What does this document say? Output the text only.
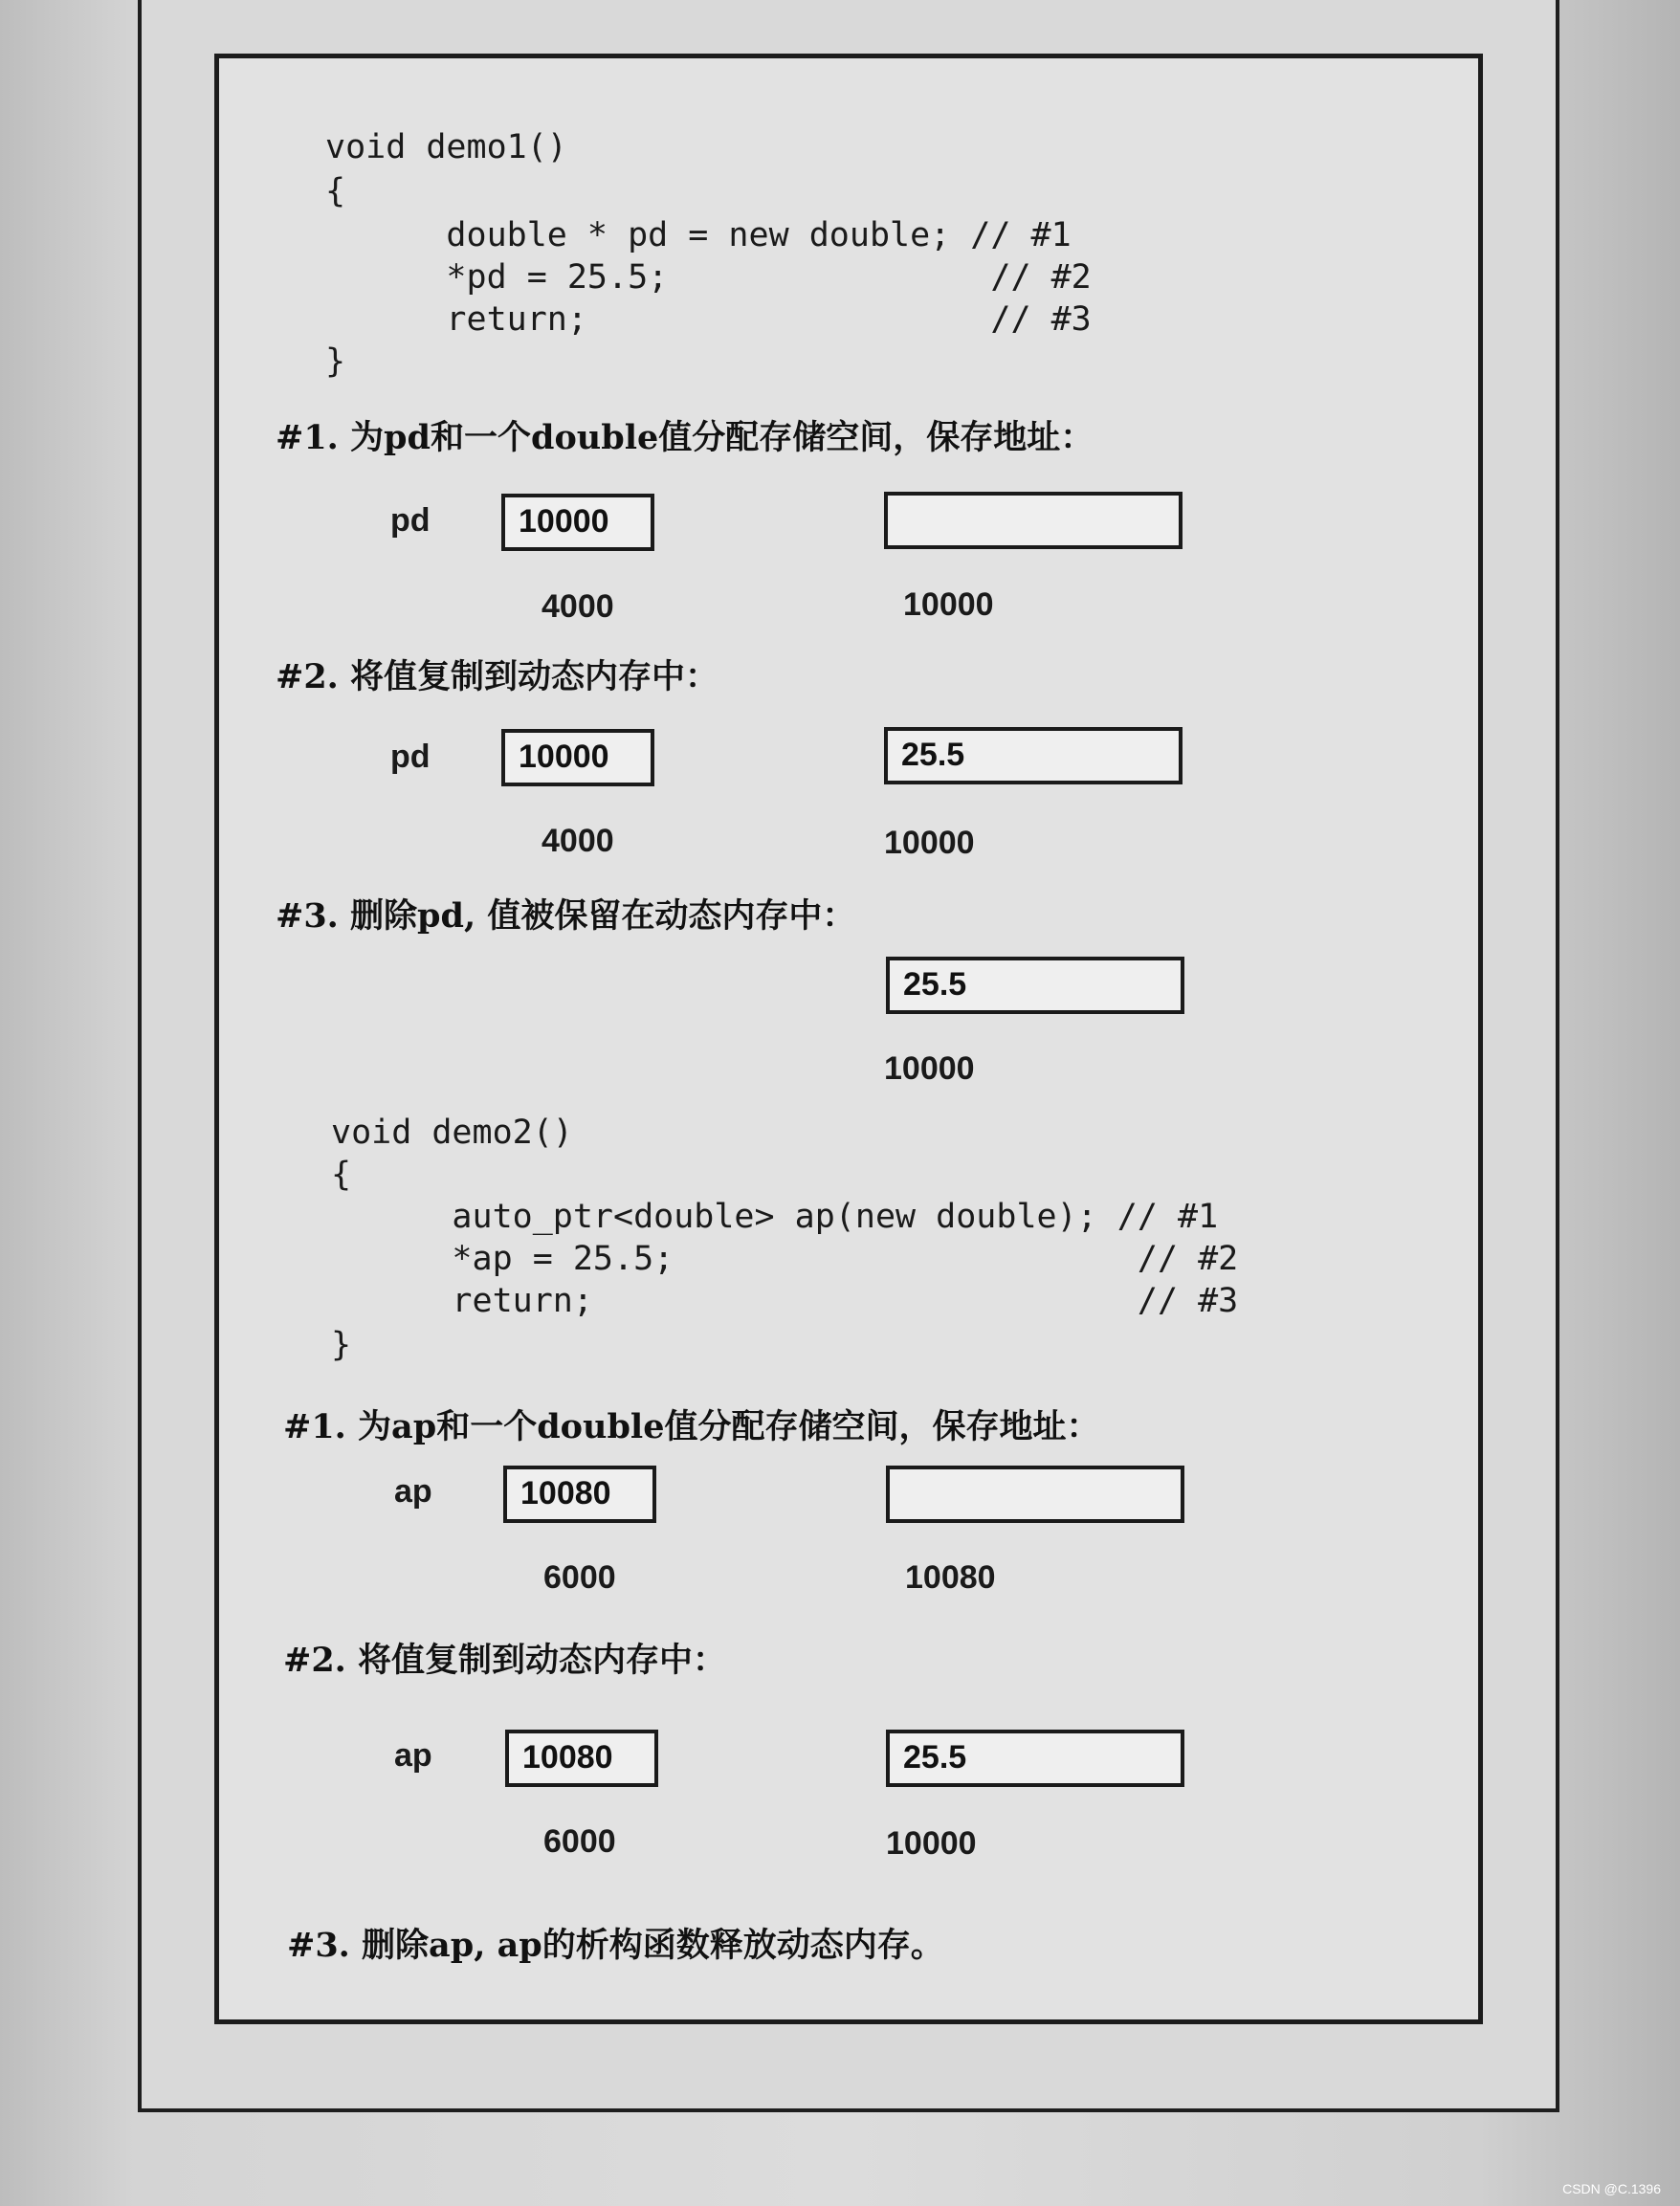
void demo1()
{
double * pd = new double; // #1
*pd = 25.5;                // #2
return;                    // #3
}
#1. 为pd和一个double值分配存储空间，保存地址：
pd	10000
4000	10000
#2. 将值复制到动态内存中：
pd	10000	25.5
4000	10000
#3. 删除pd, 值被保留在动态内存中：
25.5
10000
void demo2()
{
auto_ptr<double> ap(new double); // #1
*ap = 25.5;                       // #2
return;                           // #3
}
#1. 为ap和一个double值分配存储空间，保存地址：
ap	10080
6000	10080
#2. 将值复制到动态内存中：
ap	10080	25.5
6000	10000
#3. 删除ap, ap的析构函数释放动态内存。
CSDN @C.1396
